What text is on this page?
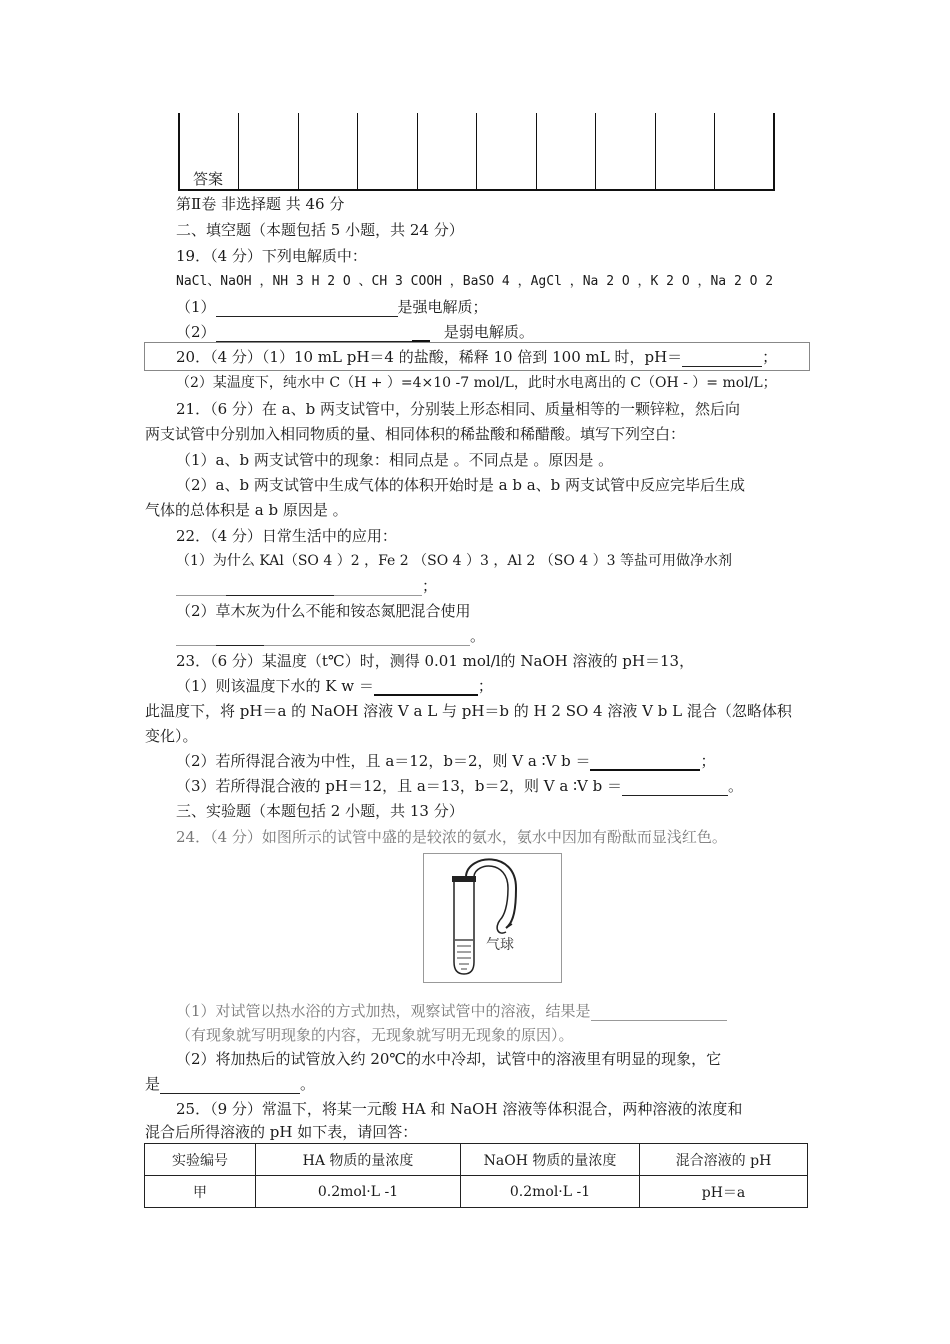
答案
第Ⅱ卷 非选择题 共 46 分
二、填空题（本题包括 5 小题，共 24 分）
19．（4 分）下列电解质中：
NaCl、NaOH ，NH 3 H 2 O 、CH 3 COOH ，BaSO 4 ，AgCl ，Na 2 O ，K 2 O ，Na 2 O 2
（1）	是强电解质；
（2）	是弱电解质。
20．（4 分）（1）10 mL pH＝4 的盐酸，稀释 10 倍到 100 mL 时，pH＝	；
（2）某温度下，纯水中 C（H + ）=4×10 -7 mol/L，此时水电离出的 C（OH - ）= mol/L；
21．（6 分）在 a、b 两支试管中，分别装上形态相同、质量相等的一颗锌粒，然后向
两支试管中分别加入相同物质的量、相同体积的稀盐酸和稀醋酸。填写下列空白：
（1）a、b 两支试管中的现象：相同点是 。不同点是 。原因是 。
（2）a、b 两支试管中生成气体的体积开始时是 a b a、b 两支试管中反应完毕后生成
气体的总体积是 a b 原因是 。
22．（4 分）日常生活中的应用：
（1）为什么 KAl（SO 4 ）2 ，Fe 2 （SO 4 ）3 ，Al 2 （SO 4 ）3 等盐可用做净水剂
；
（2）草木灰为什么不能和铵态氮肥混合使用
。
23．（6 分）某温度（t℃）时，测得 0.01 mol/l的 NaOH 溶液的 pH＝13，
（1）则该温度下水的 K w ＝	；
此温度下，将 pH＝a 的 NaOH 溶液 V a L 与 pH＝b 的 H 2 SO 4 溶液 V b L 混合（忽略体积
变化）。
（2）若所得混合液为中性，且 a＝12，b＝2，则 V a ∶V b ＝	；
（3）若所得混合液的 pH＝12，且 a＝13，b＝2，则 V a ∶V b ＝	。
三、实验题（本题包括 2 小题，共 13 分）
24．（4 分）如图所示的试管中盛的是较浓的氨水，氨水中因加有酚酞而显浅红色。
气球
（1）对试管以热水浴的方式加热，观察试管中的溶液，结果是
（有现象就写明现象的内容，无现象就写明无现象的原因）。
（2）将加热后的试管放入约 20℃的水中冷却，试管中的溶液里有明显的现象，它
是	。
25．（9 分）常温下，将某一元酸 HA 和 NaOH 溶液等体积混合，两种溶液的浓度和
混合后所得溶液的 pH 如下表，请回答：
实验编号	HA 物质的量浓度	NaOH 物质的量浓度	混合溶液的 pH
甲	0.2mol·L -1	0.2mol·L -1	pH＝a
